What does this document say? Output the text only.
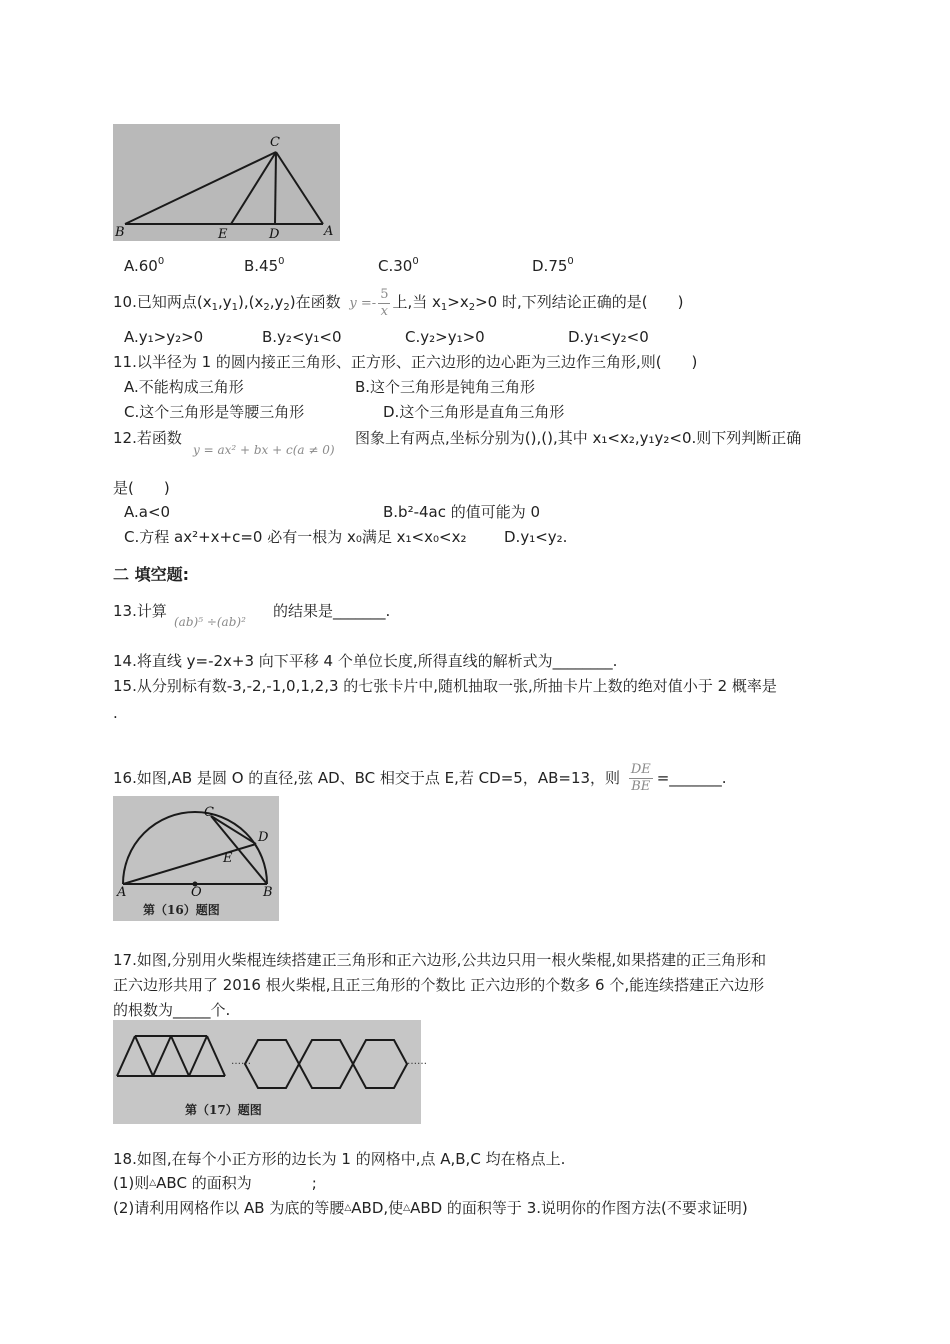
C
B	E	D	A
$A.60^0$	$B.45^0$	$C.30^0$	$D.75^0$
10.已知两点$(x_1,y_1),(x_2,y_2)$在函数 $y =- \frac{5}{x}$ 上,当 $x_1>x_2>0$ 时,下列结论正确的是(　　)
A.y₁>y₂>0	B.y₂<y₁<0	C.y₂>y₁>0	D.y₁<y₂<0
11.以半径为 1 的圆内接正三角形、正方形、正六边形的边心距为三边作三角形,则(　　)
A.不能构成三角形	B.这个三角形是钝角三角形
C.这个三角形是等腰三角形	D.这个三角形是直角三角形
12.若函数
y = ax² + bx + c(a ≠ 0)
图象上有两点,坐标分别为(),(),其中 x₁<x₂,y₁y₂<0.则下列判断正确
是(　　)
A.a<0	B.b²-4ac 的值可能为 0
C.方程 ax²+x+c=0 必有一根为 x₀满足 x₁<x₀<x₂	D.y₁<y₂.
二 填空题:
13.计算
(ab)⁵ ÷(ab)²
的结果是_______.
14.将直线 y=-2x+3 向下平移 4 个单位长度,所得直线的解析式为________.
15.从分别标有数-3,-2,-1,0,1,2,3 的七张卡片中,随机抽取一张,所抽卡片上数的绝对值小于 2 概率是
.
16.如图,AB 是圆 O 的直径,弦 AD、BC 相交于点 E,若 CD=5，AB=13，则 $\frac{DE}{BE}$ =_______.
C
D
E
A	O	B
第（16）题图
17.如图,分别用火柴棍连续搭建正三角形和正六边形,公共边只用一根火柴棍,如果搭建的正三角形和
正六边形共用了 2016 根火柴棍,且正三角形的个数比 正六边形的个数多 6 个,能连续搭建正六边形
的根数为_____个.
……	……
第（17）题图
18.如图,在每个小正方形的边长为 1 的网格中,点 A,B,C 均在格点上.
(1)则△ABC 的面积为　　　　;
(2)请利用网格作以 AB 为底的等腰△ABD,使△ABD 的面积等于 3.说明你的作图方法(不要求证明)
